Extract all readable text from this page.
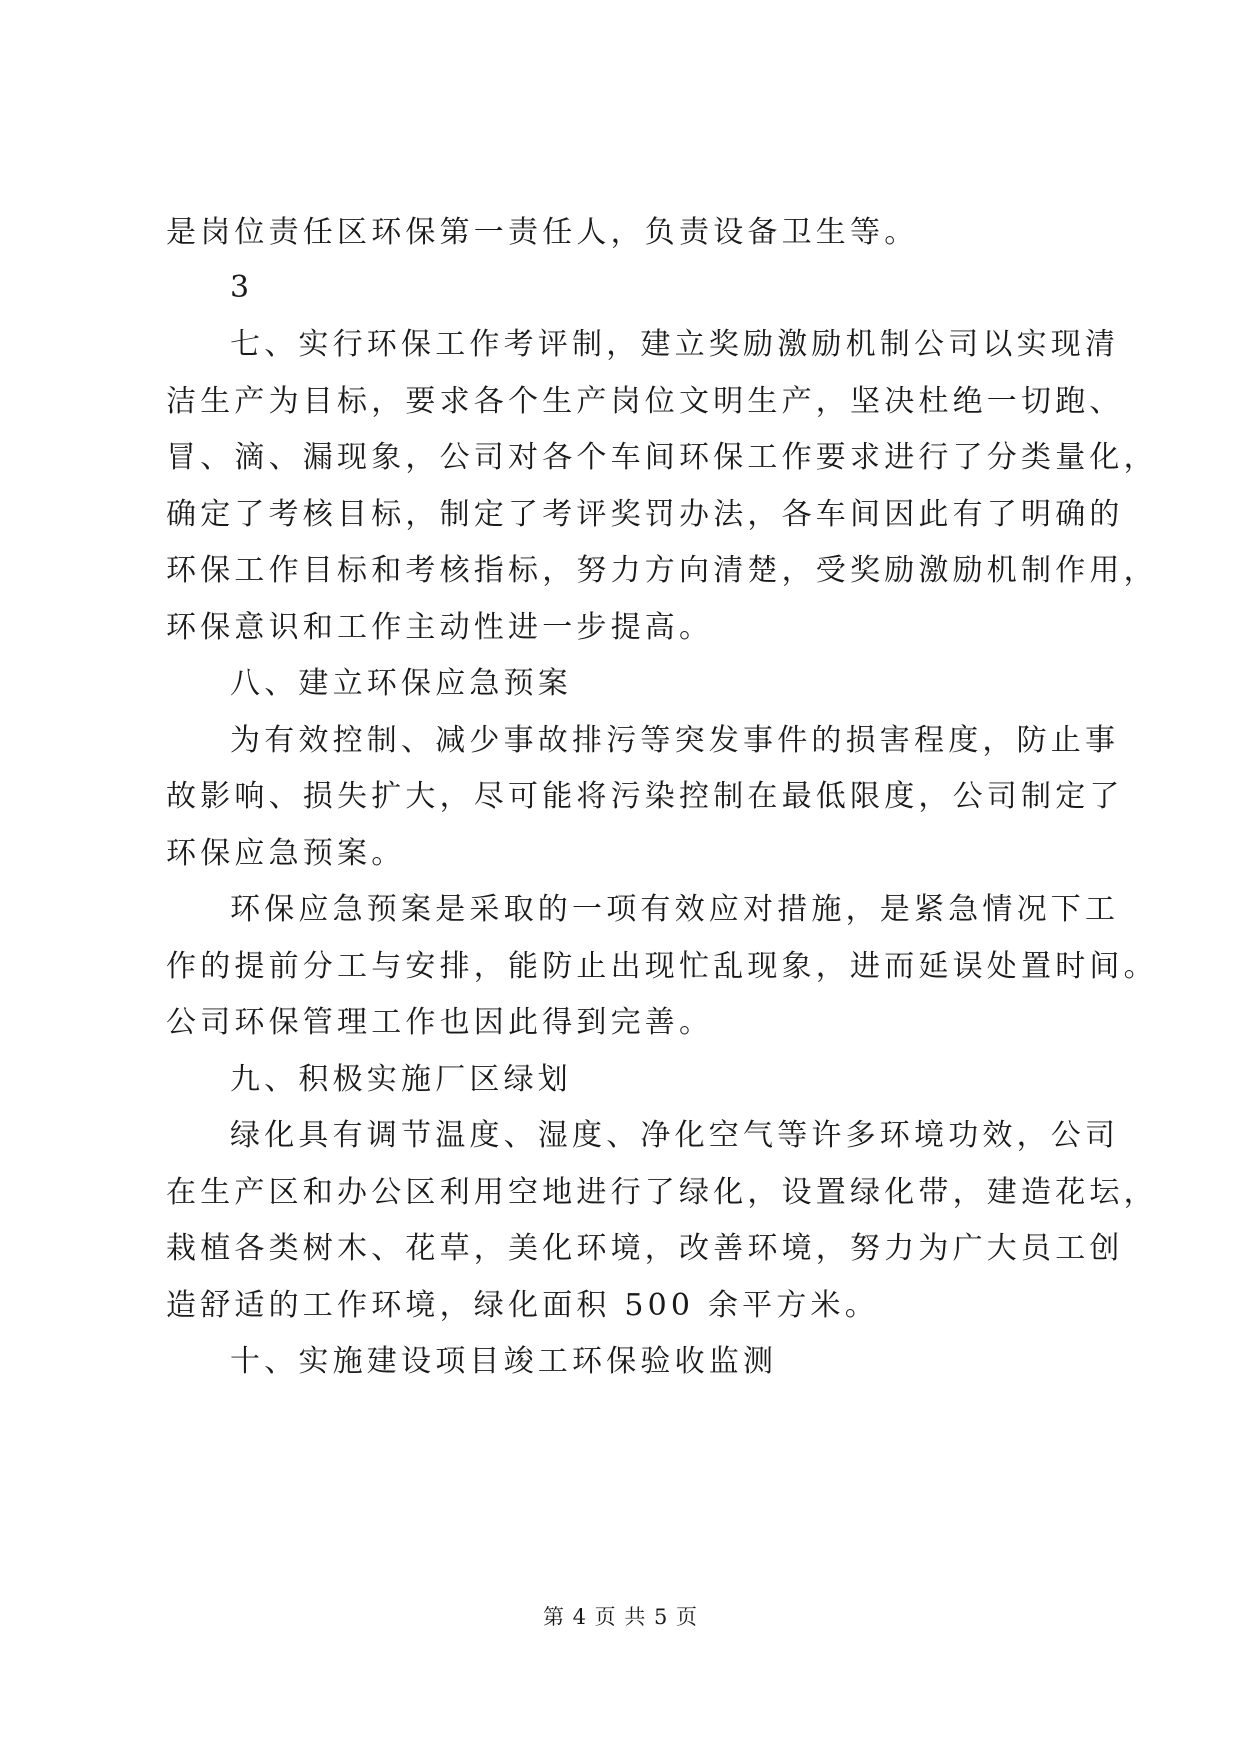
是岗位责任区环保第一责任人，负责设备卫生等。
3
七、实行环保工作考评制，建立奖励激励机制公司以实现清
洁生产为目标，要求各个生产岗位文明生产，坚决杜绝一切跑、
冒、滴、漏现象，公司对各个车间环保工作要求进行了分类量化，
确定了考核目标，制定了考评奖罚办法，各车间因此有了明确的
环保工作目标和考核指标，努力方向清楚，受奖励激励机制作用，
环保意识和工作主动性进一步提高。
八、建立环保应急预案
为有效控制、减少事故排污等突发事件的损害程度，防止事
故影响、损失扩大，尽可能将污染控制在最低限度，公司制定了
环保应急预案。
环保应急预案是采取的一项有效应对措施，是紧急情况下工
作的提前分工与安排，能防止出现忙乱现象，进而延误处置时间。
公司环保管理工作也因此得到完善。
九、积极实施厂区绿划
绿化具有调节温度、湿度、净化空气等许多环境功效，公司
在生产区和办公区利用空地进行了绿化，设置绿化带，建造花坛，
栽植各类树木、花草，美化环境，改善环境，努力为广大员工创
造舒适的工作环境，绿化面积 500 余平方米。
十、实施建设项目竣工环保验收监测
第 4 页 共 5 页
